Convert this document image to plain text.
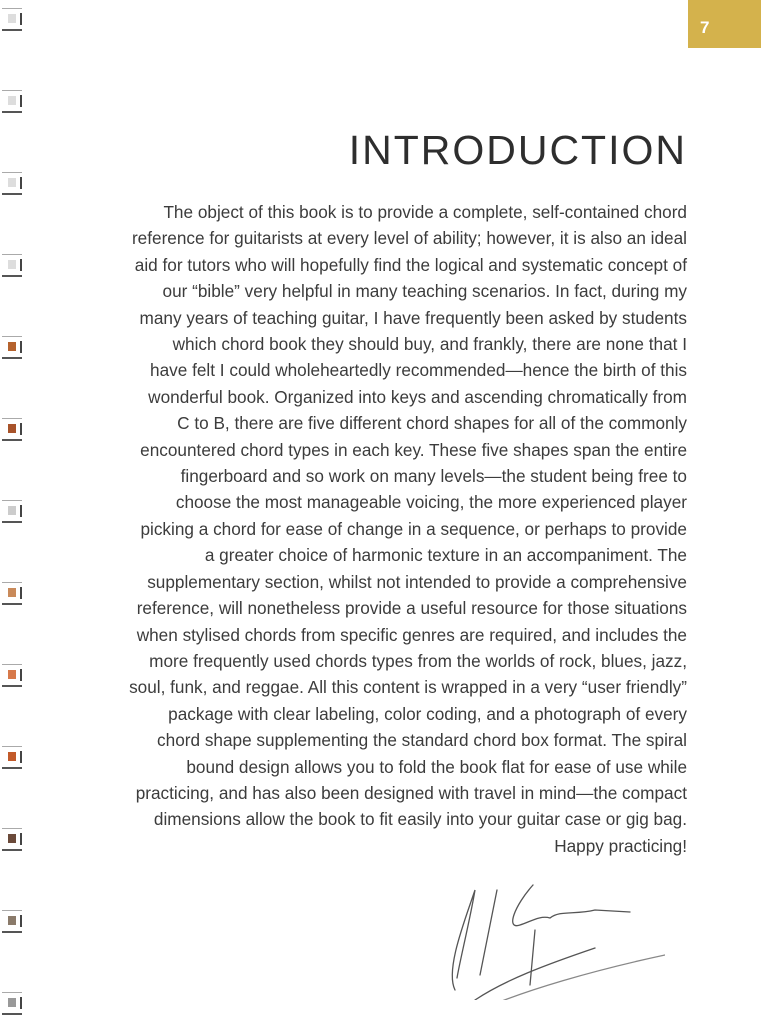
7
INTRODUCTION
The object of this book is to provide a complete, self-contained chord
reference for guitarists at every level of ability; however, it is also an ideal
aid for tutors who will hopefully find the logical and systematic concept of
our “bible” very helpful in many teaching scenarios. In fact, during my
many years of teaching guitar, I have frequently been asked by students
which chord book they should buy, and frankly, there are none that I
have felt I could wholeheartedly recommended—hence the birth of this
wonderful book. Organized into keys and ascending chromatically from
C to B, there are five different chord shapes for all of the commonly
encountered chord types in each key. These five shapes span the entire
fingerboard and so work on many levels—the student being free to
choose the most manageable voicing, the more experienced player
picking a chord for ease of change in a sequence, or perhaps to provide
a greater choice of harmonic texture in an accompaniment. The
supplementary section, whilst not intended to provide a comprehensive
reference, will nonetheless provide a useful resource for those situations
when stylised chords from specific genres are required, and includes the
more frequently used chords types from the worlds of rock, blues, jazz,
soul, funk, and reggae. All this content is wrapped in a very “user friendly”
package with clear labeling, color coding, and a photograph of every
chord shape supplementing the standard chord box format. The spiral
bound design allows you to fold the book flat for ease of use while
practicing, and has also been designed with travel in mind—the compact
dimensions allow the book to fit easily into your guitar case or gig bag.
Happy practicing!
